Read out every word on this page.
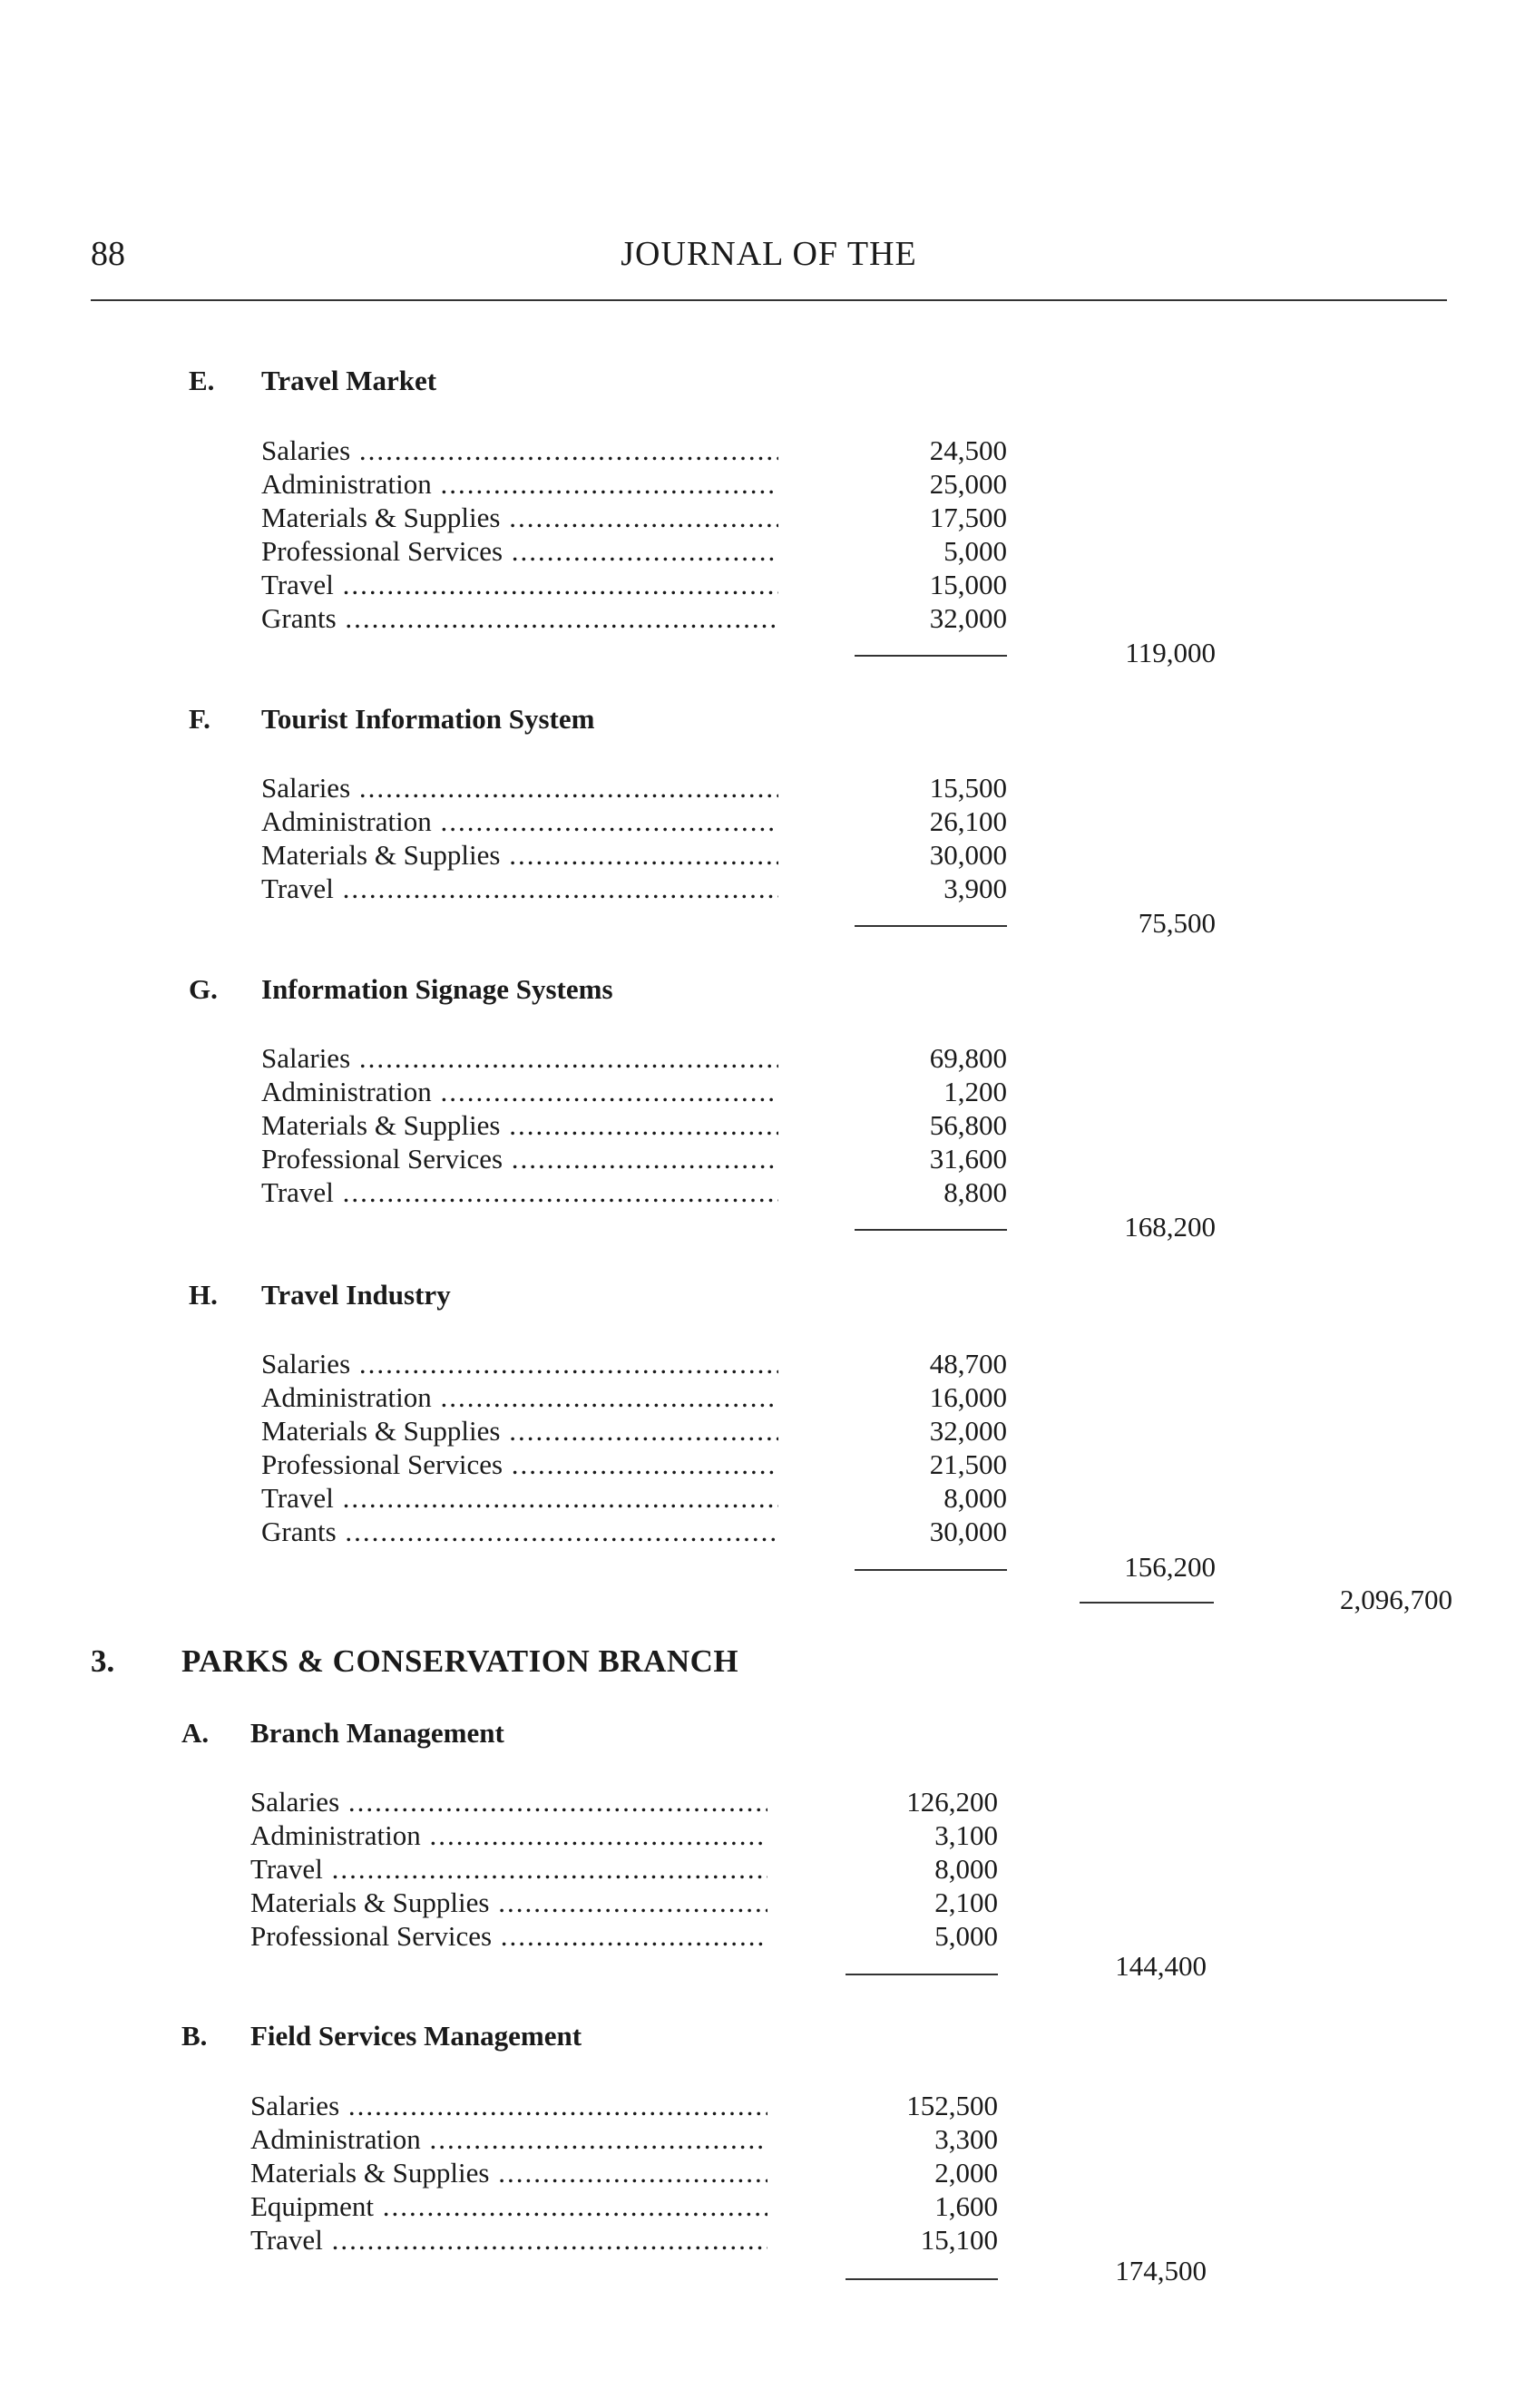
88	JOURNAL OF THE
E. Travel Market
Salaries .....	24,500
Administration .....	25,000
Materials & Supplies .....	17,500
Professional Services .....	5,000
Travel .....	15,000
Grants .....	32,000
119,000
F. Tourist Information System
Salaries .....	15,500
Administration .....	26,100
Materials & Supplies .....	30,000
Travel .....	3,900
75,500
G. Information Signage Systems
Salaries .....	69,800
Administration .....	1,200
Materials & Supplies .....	56,800
Professional Services .....	31,600
Travel .....	8,800
168,200
H. Travel Industry
Salaries .....	48,700
Administration .....	16,000
Materials & Supplies .....	32,000
Professional Services .....	21,500
Travel .....	8,000
Grants .....	30,000
156,200
2,096,700
3. PARKS & CONSERVATION BRANCH
A. Branch Management
Salaries .....	126,200
Administration .....	3,100
Travel .....	8,000
Materials & Supplies .....	2,100
Professional Services .....	5,000
144,400
B. Field Services Management
Salaries .....	152,500
Administration .....	3,300
Materials & Supplies .....	2,000
Equipment .....	1,600
Travel .....	15,100
174,500
